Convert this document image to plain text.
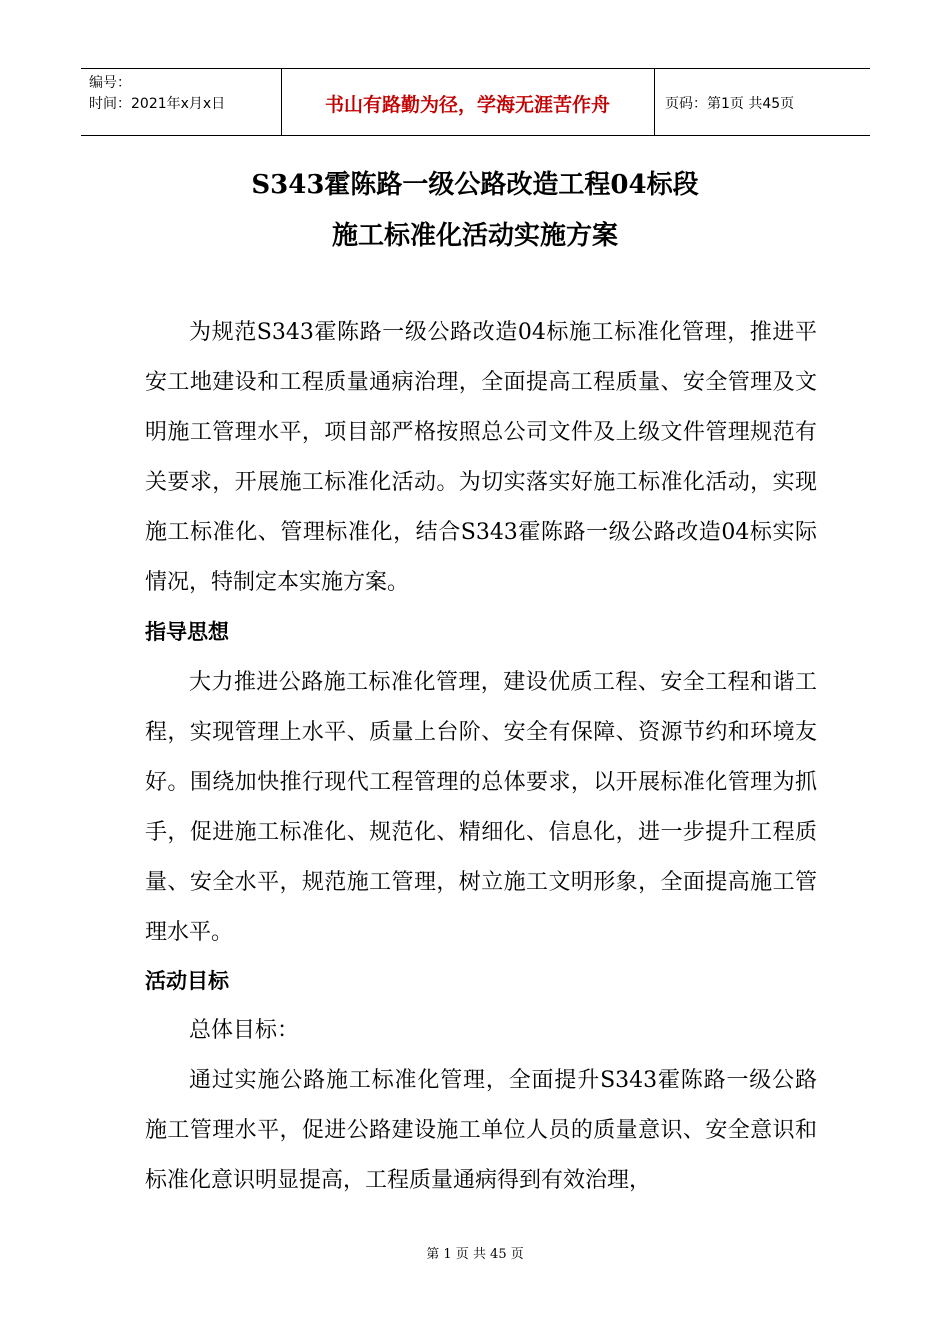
编号：
时间：2021年x月x日	书山有路勤为径，学海无涯苦作舟	页码：第1页 共45页
S343霍陈路一级公路改造工程04标段
施工标准化活动实施方案
为规范S343霍陈路一级公路改造04标施工标准化管理，推进平安工地建设和工程质量通病治理，全面提高工程质量、安全管理及文明施工管理水平，项目部严格按照总公司文件及上级文件管理规范有关要求，开展施工标准化活动。为切实落实好施工标准化活动，实现施工标准化、管理标准化，结合S343霍陈路一级公路改造04标实际情况，特制定本实施方案。
指导思想
大力推进公路施工标准化管理，建设优质工程、安全工程和谐工程，实现管理上水平、质量上台阶、安全有保障、资源节约和环境友好。围绕加快推行现代工程管理的总体要求，以开展标准化管理为抓手，促进施工标准化、规范化、精细化、信息化，进一步提升工程质量、安全水平，规范施工管理，树立施工文明形象，全面提高施工管理水平。
活动目标
总体目标：
通过实施公路施工标准化管理，全面提升S343霍陈路一级公路施工管理水平，促进公路建设施工单位人员的质量意识、安全意识和标准化意识明显提高，工程质量通病得到有效治理，
第 1 页 共 45 页
